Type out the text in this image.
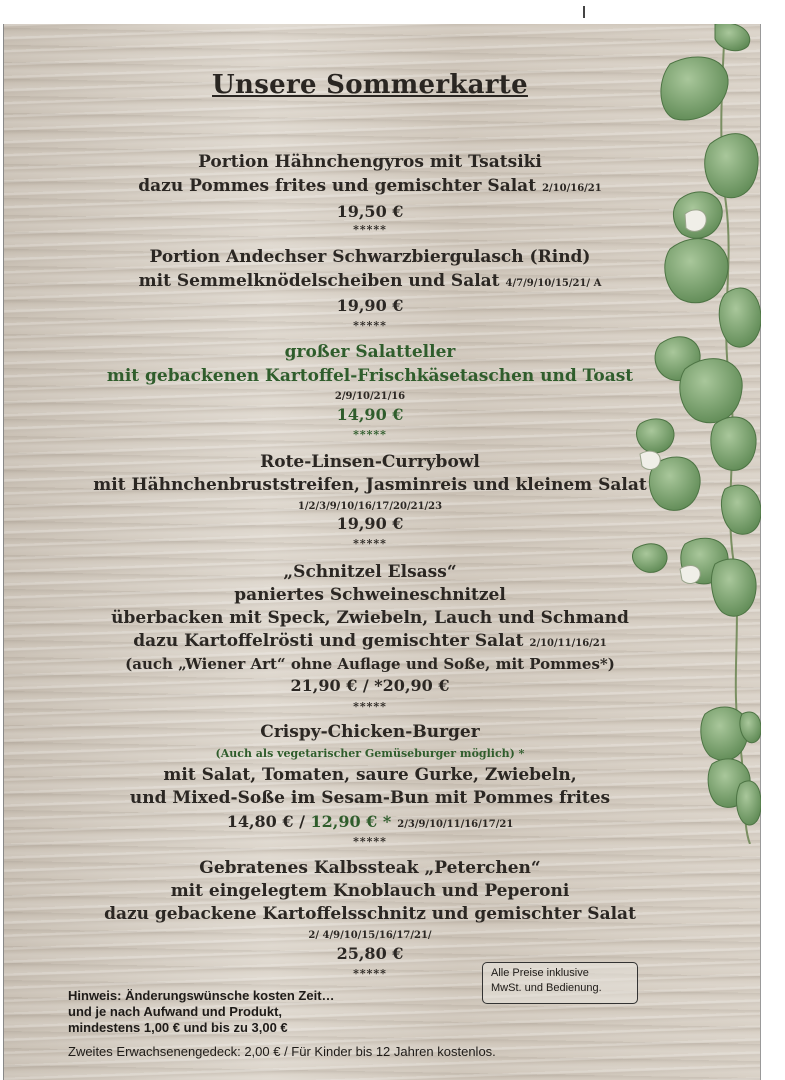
Unsere Sommerkarte
Portion Hähnchengyros mit Tsatsiki
dazu Pommes frites und gemischter Salat 2/10/16/21
19,50 €
*****
Portion Andechser Schwarzbiergulasch (Rind)
mit Semmelknödelscheiben und Salat 4/7/9/10/15/21/ A
19,90 €
*****
großer Salatteller
mit gebackenen Kartoffel-Frischkäsetaschen und Toast
2/9/10/21/16
14,90 €
*****
Rote-Linsen-Currybowl
mit Hähnchenbruststreifen, Jasminreis und kleinem Salat
1/2/3/9/10/16/17/20/21/23
19,90 €
*****
„Schnitzel Elsass“
paniertes Schweineschnitzel
überbacken mit Speck, Zwiebeln, Lauch und Schmand
dazu Kartoffelrösti und gemischter Salat 2/10/11/16/21
(auch „Wiener Art“ ohne Auflage und Soße, mit Pommes*)
21,90 € / *20,90 €
*****
Crispy-Chicken-Burger
(Auch als vegetarischer Gemüseburger möglich) *
mit Salat, Tomaten, saure Gurke, Zwiebeln,
und Mixed-Soße im Sesam-Bun mit Pommes frites
14,80 € / 12,90 € * 2/3/9/10/11/16/17/21
*****
Gebratenes Kalbssteak „Peterchen“
mit eingelegtem Knoblauch und Peperoni
dazu gebackene Kartoffelsschnitz und gemischter Salat
2/ 4/9/10/15/16/17/21/
25,80 €
*****
Hinweis: Änderungswünsche kosten Zeit…
und je nach Aufwand und Produkt,
mindestens 1,00 € und bis zu 3,00 €
Zweites Erwachsenengedeck: 2,00 € / Für Kinder bis 12 Jahren kostenlos.
Alle Preise inklusive
MwSt. und Bedienung.
